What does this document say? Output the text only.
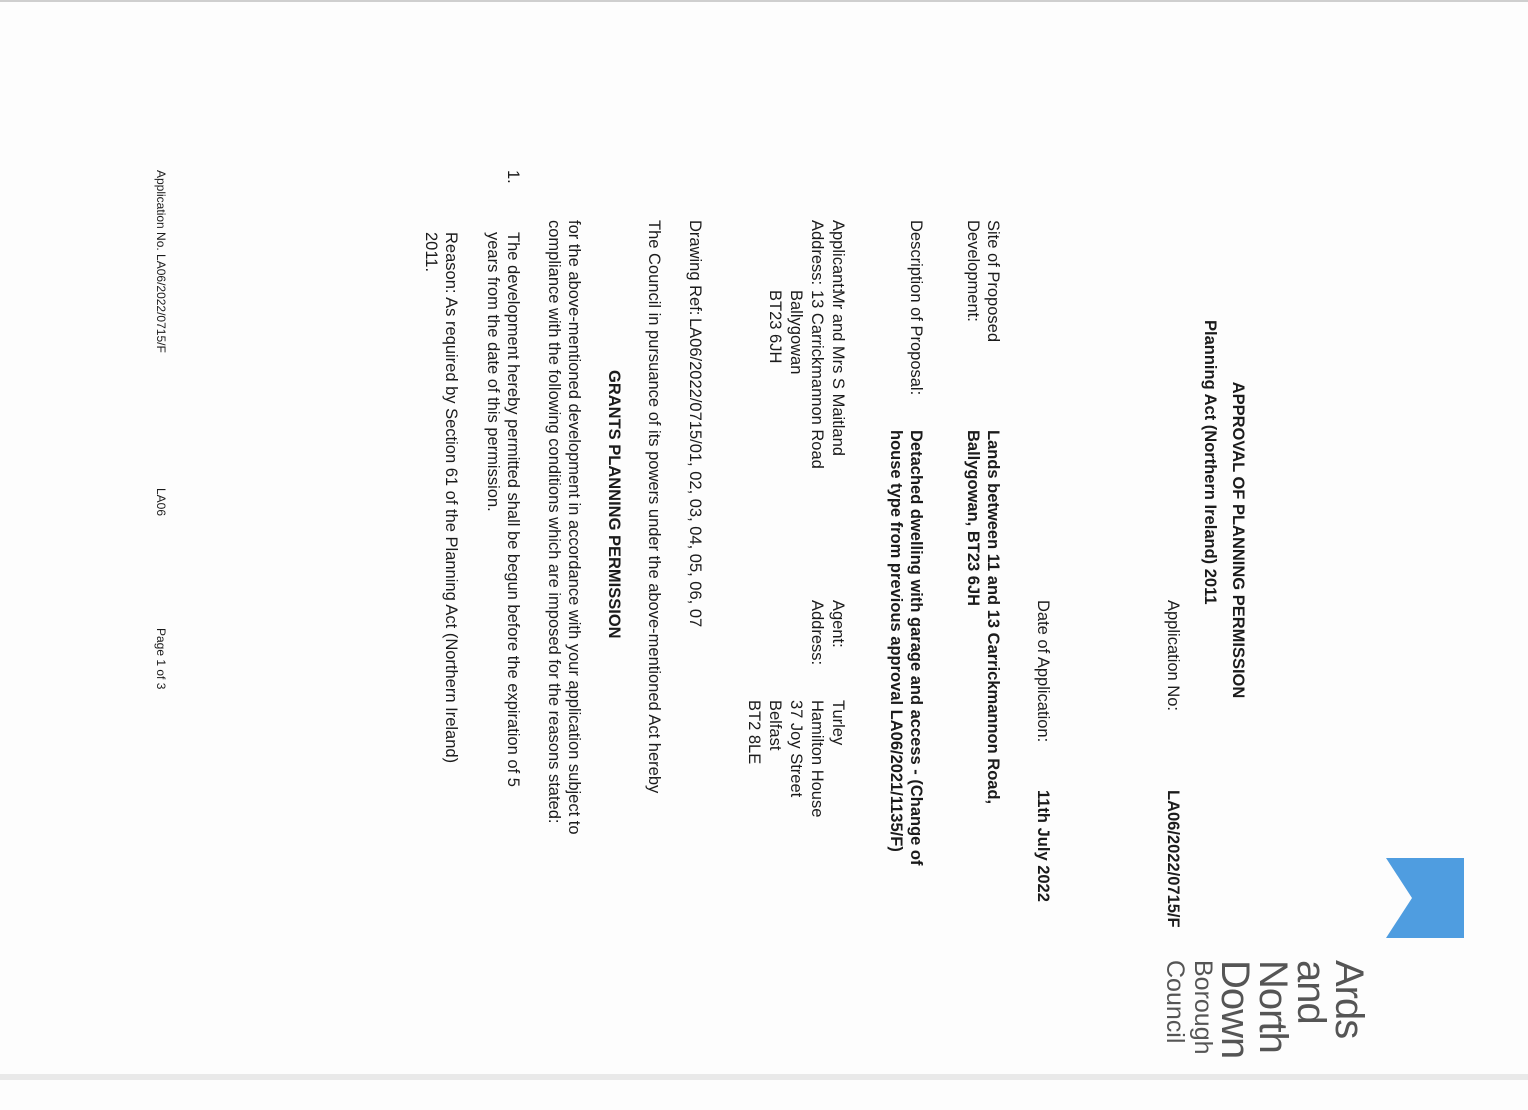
Ards and
North Down
Borough Council
APPROVAL OF PLANNING PERMISSION
Planning Act (Northern Ireland) 2011
Application No:
LA06/2022/0715/F
Date of Application:
11th July 2022
Site of Proposed
Development:
Lands between 11 and 13 Carrickmannon Road,
Ballygowan, BT23 6JH
Description of Proposal:
Detached dwelling with garage and access - (Change of
house type from previous approval LA06/2021/1135/F)
Applicant:
Mr and Mrs S Maitland
Address:
13 Carrickmannon Road
Ballygowan
BT23 6JH
Agent:
Turley
Address:
Hamilton House
37 Joy Street
Belfast
BT2 8LE
Drawing Ref:
LA06/2022/0715/01, 02, 03, 04, 05, 06, 07
The Council in pursuance of its powers under the above-mentioned Act hereby
GRANTS PLANNING PERMISSION
for the above-mentioned development in accordance with your application subject to
compliance with the following conditions which are imposed for the reasons stated:
1.
The development hereby permitted shall be begun before the expiration of 5
years from the date of this permission.
Reason: As required by Section 61 of the Planning Act (Northern Ireland)
2011.
Application No. LA06/2022/0715/F
LA06
Page 1 of 3
